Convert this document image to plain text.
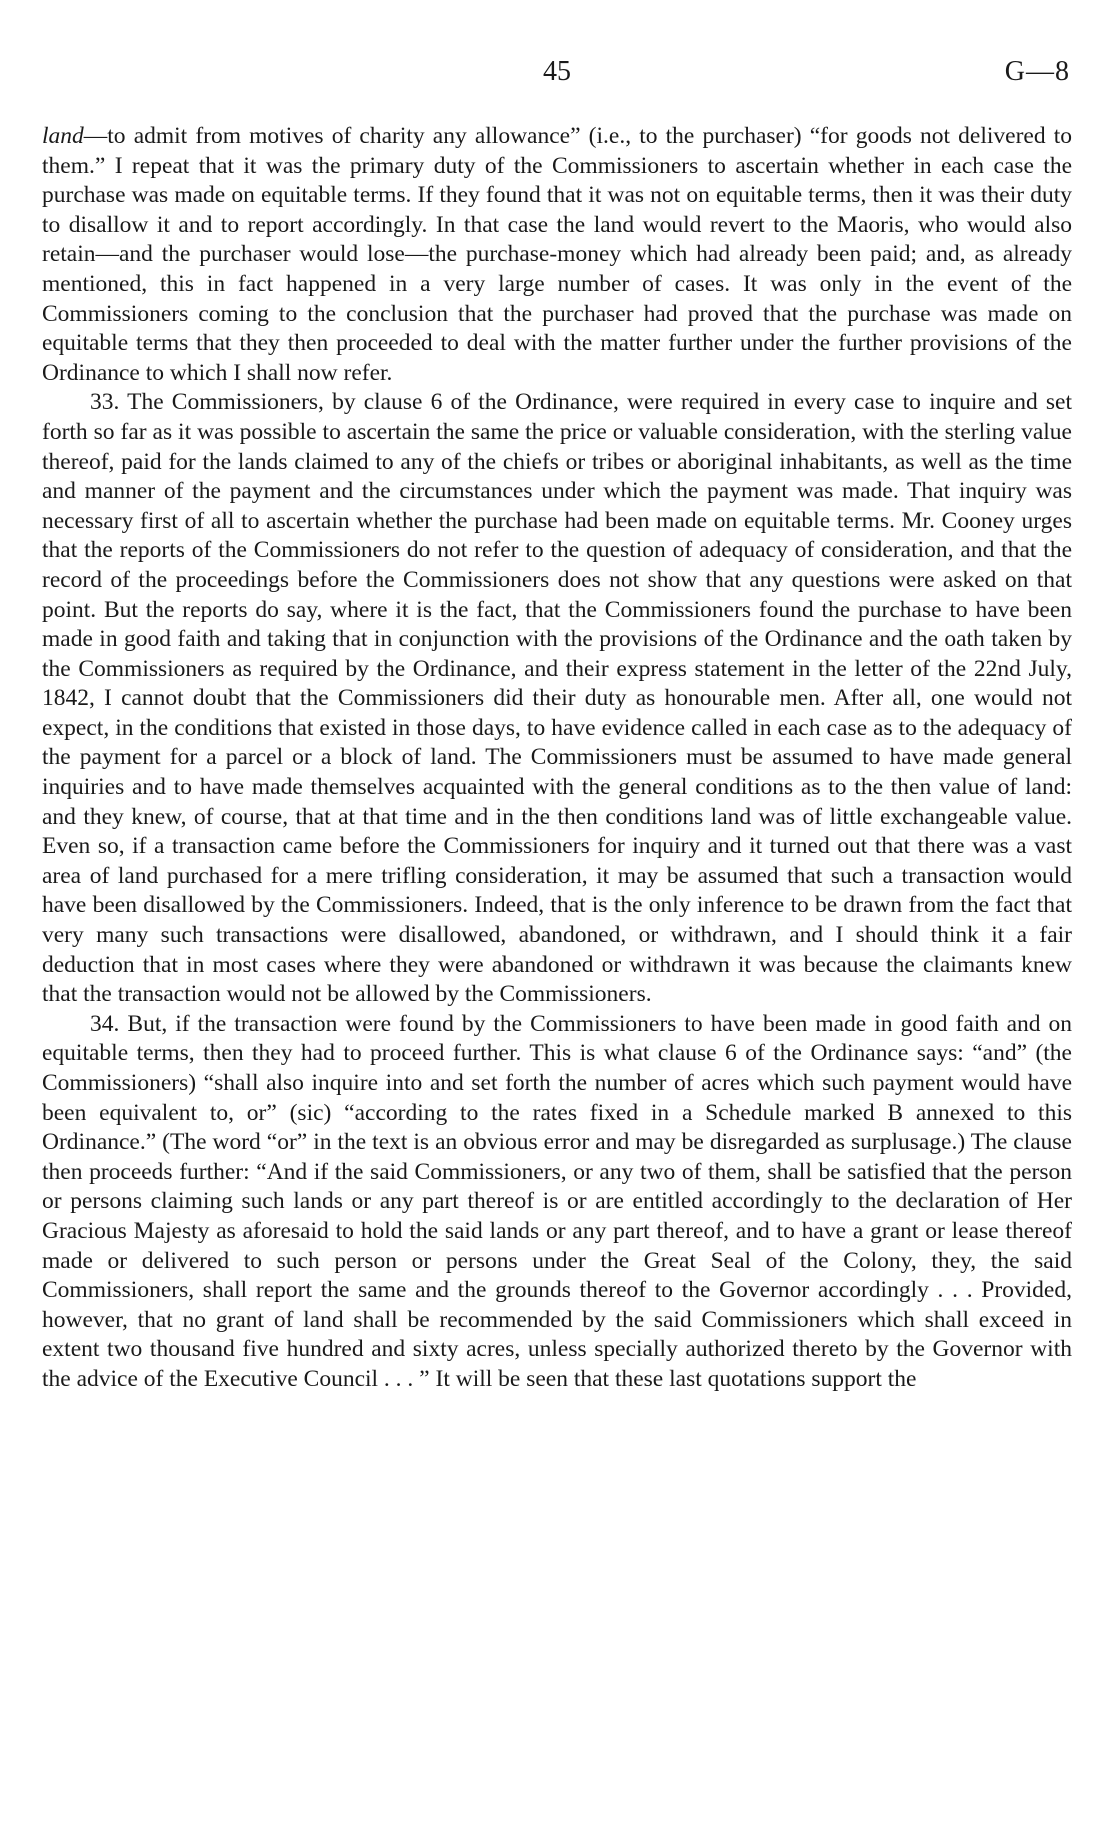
45	G—8

land—to admit from motives of charity any allowance” (i.e., to the purchaser) “for goods not delivered to them.” I repeat that it was the primary duty of the Commissioners to ascertain whether in each case the purchase was made on equitable terms. If they found that it was not on equitable terms, then it was their duty to disallow it and to report accordingly. In that case the land would revert to the Maoris, who would also retain—and the purchaser would lose—the purchase-money which had already been paid; and, as already mentioned, this in fact happened in a very large number of cases. It was only in the event of the Commissioners coming to the conclusion that the purchaser had proved that the purchase was made on equitable terms that they then proceeded to deal with the matter further under the further provisions of the Ordinance to which I shall now refer.

33. The Commissioners, by clause 6 of the Ordinance, were required in every case to inquire and set forth so far as it was possible to ascertain the same the price or valuable consideration, with the sterling value thereof, paid for the lands claimed to any of the chiefs or tribes or aboriginal inhabitants, as well as the time and manner of the payment and the circumstances under which the payment was made. That inquiry was necessary first of all to ascertain whether the purchase had been made on equitable terms. Mr. Cooney urges that the reports of the Commissioners do not refer to the question of adequacy of consideration, and that the record of the proceedings before the Commissioners does not show that any questions were asked on that point. But the reports do say, where it is the fact, that the Commissioners found the purchase to have been made in good faith and taking that in conjunction with the provisions of the Ordinance and the oath taken by the Commissioners as required by the Ordinance, and their express statement in the letter of the 22nd July, 1842, I cannot doubt that the Commissioners did their duty as honourable men. After all, one would not expect, in the conditions that existed in those days, to have evidence called in each case as to the adequacy of the payment for a parcel or a block of land. The Commissioners must be assumed to have made general inquiries and to have made themselves acquainted with the general conditions as to the then value of land: and they knew, of course, that at that time and in the then conditions land was of little exchangeable value. Even so, if a transaction came before the Commissioners for inquiry and it turned out that there was a vast area of land purchased for a mere trifling consideration, it may be assumed that such a transaction would have been disallowed by the Commissioners. Indeed, that is the only inference to be drawn from the fact that very many such transactions were disallowed, abandoned, or withdrawn, and I should think it a fair deduction that in most cases where they were abandoned or withdrawn it was because the claimants knew that the transaction would not be allowed by the Commissioners.

34. But, if the transaction were found by the Commissioners to have been made in good faith and on equitable terms, then they had to proceed further. This is what clause 6 of the Ordinance says: “and” (the Commissioners) “shall also inquire into and set forth the number of acres which such payment would have been equivalent to, or” (sic) “according to the rates fixed in a Schedule marked B annexed to this Ordinance.” (The word “or” in the text is an obvious error and may be disregarded as surplusage.) The clause then proceeds further: “And if the said Commissioners, or any two of them, shall be satisfied that the person or persons claiming such lands or any part thereof is or are entitled accordingly to the declaration of Her Gracious Majesty as aforesaid to hold the said lands or any part thereof, and to have a grant or lease thereof made or delivered to such person or persons under the Great Seal of the Colony, they, the said Commissioners, shall report the same and the grounds thereof to the Governor accordingly . . . Provided, however, that no grant of land shall be recommended by the said Commissioners which shall exceed in extent two thousand five hundred and sixty acres, unless specially authorized thereto by the Governor with the advice of the Executive Council . . . ” It will be seen that these last quotations support the
